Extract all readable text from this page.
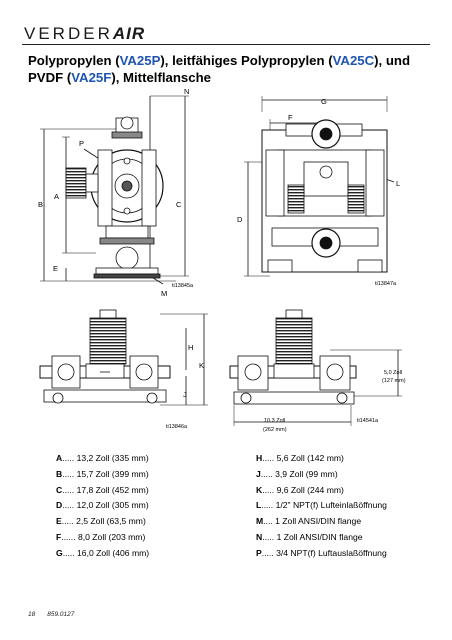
VERDERAIR
Polypropylen (VA25P), leitfähiges Polypropylen (VA25C), und PVDF (VA25F), Mittelflansche
N
P
A
B	C
E
M
ti13845a
G
F
L
D
ti13847a
H
K
J
ti13846a
5,0 Zoll
(127 mm)
10.3 Zoll
(262 mm)
ti14541a
A..... 13,2 Zoll (335 mm)
B..... 15,7 Zoll (399 mm)
C..... 17,8 Zoll (452 mm)
D..... 12,0 Zoll (305 mm)
E..... 2,5 Zoll (63,5 mm)
F...... 8,0 Zoll (203 mm)
G..... 16,0 Zoll (406 mm)
H..... 5,6 Zoll (142 mm)
J..... 3,9 Zoll (99 mm)
K..... 9,6 Zoll (244 mm)
L..... 1/2" NPT(f) Lufteinlaßöffnung
M.... 1 Zoll ANSI/DIN flange
N..... 1 Zoll ANSI/DIN flange
P..... 3/4 NPT(f) Luftauslaßöffnung
18 859.0127
